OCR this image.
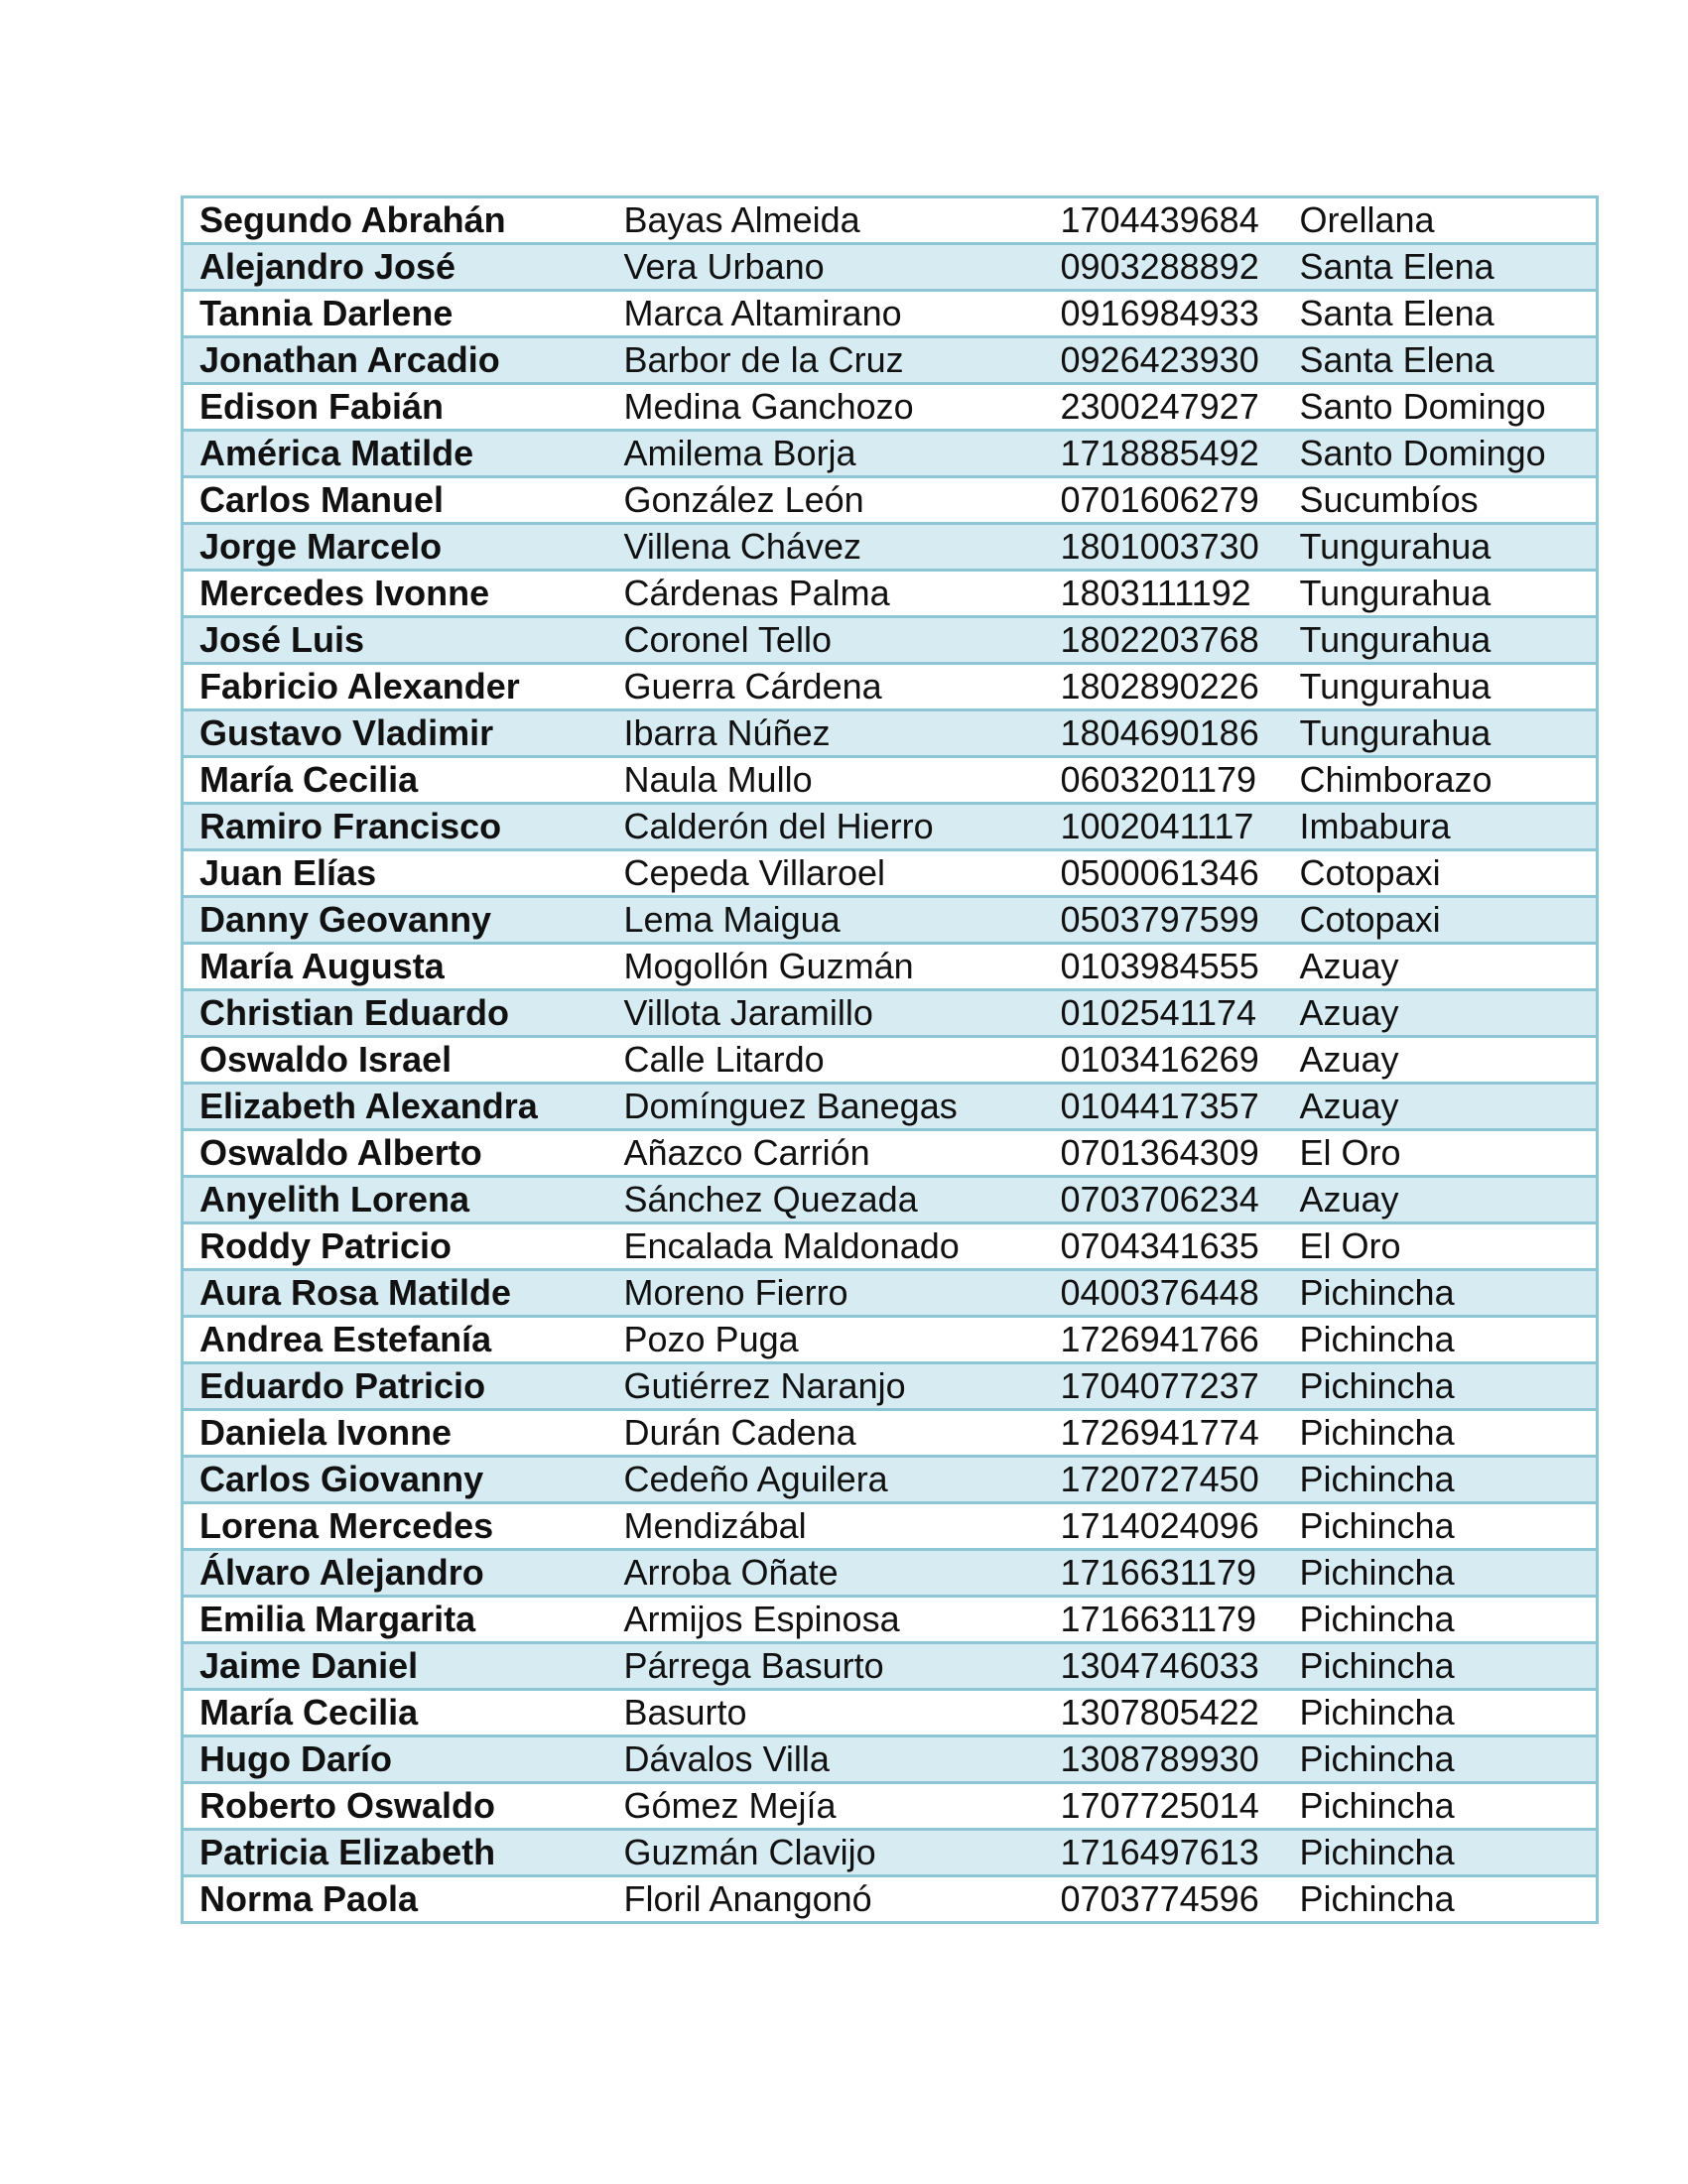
Segundo Abrahán	Bayas Almeida	1704439684	Orellana
Alejandro José	Vera Urbano	0903288892	Santa Elena
Tannia Darlene	Marca Altamirano	0916984933	Santa Elena
Jonathan Arcadio	Barbor de la Cruz	0926423930	Santa Elena
Edison Fabián	Medina Ganchozo	2300247927	Santo Domingo
América Matilde	Amilema Borja	1718885492	Santo Domingo
Carlos Manuel	González León	0701606279	Sucumbíos
Jorge Marcelo	Villena Chávez	1801003730	Tungurahua
Mercedes Ivonne	Cárdenas Palma	1803111192	Tungurahua
José Luis	Coronel Tello	1802203768	Tungurahua
Fabricio Alexander	Guerra Cárdena	1802890226	Tungurahua
Gustavo Vladimir	Ibarra Núñez	1804690186	Tungurahua
María Cecilia	Naula Mullo	0603201179	Chimborazo
Ramiro Francisco	Calderón del Hierro	1002041117	Imbabura
Juan Elías	Cepeda Villaroel	0500061346	Cotopaxi
Danny Geovanny	Lema Maigua	0503797599	Cotopaxi
María Augusta	Mogollón Guzmán	0103984555	Azuay
Christian Eduardo	Villota Jaramillo	0102541174	Azuay
Oswaldo Israel	Calle Litardo	0103416269	Azuay
Elizabeth Alexandra	Domínguez Banegas	0104417357	Azuay
Oswaldo Alberto	Añazco Carrión	0701364309	El Oro
Anyelith Lorena	Sánchez Quezada	0703706234	Azuay
Roddy Patricio	Encalada Maldonado	0704341635	El Oro
Aura Rosa Matilde	Moreno Fierro	0400376448	Pichincha
Andrea Estefanía	Pozo Puga	1726941766	Pichincha
Eduardo Patricio	Gutiérrez Naranjo	1704077237	Pichincha
Daniela Ivonne	Durán Cadena	1726941774	Pichincha
Carlos Giovanny	Cedeño Aguilera	1720727450	Pichincha
Lorena Mercedes	Mendizábal	1714024096	Pichincha
Álvaro Alejandro	Arroba Oñate	1716631179	Pichincha
Emilia Margarita	Armijos Espinosa	1716631179	Pichincha
Jaime Daniel	Párrega Basurto	1304746033	Pichincha
María Cecilia	Basurto	1307805422	Pichincha
Hugo Darío	Dávalos Villa	1308789930	Pichincha
Roberto Oswaldo	Gómez Mejía	1707725014	Pichincha
Patricia Elizabeth	Guzmán Clavijo	1716497613	Pichincha
Norma Paola	Floril Anangonó	0703774596	Pichincha
